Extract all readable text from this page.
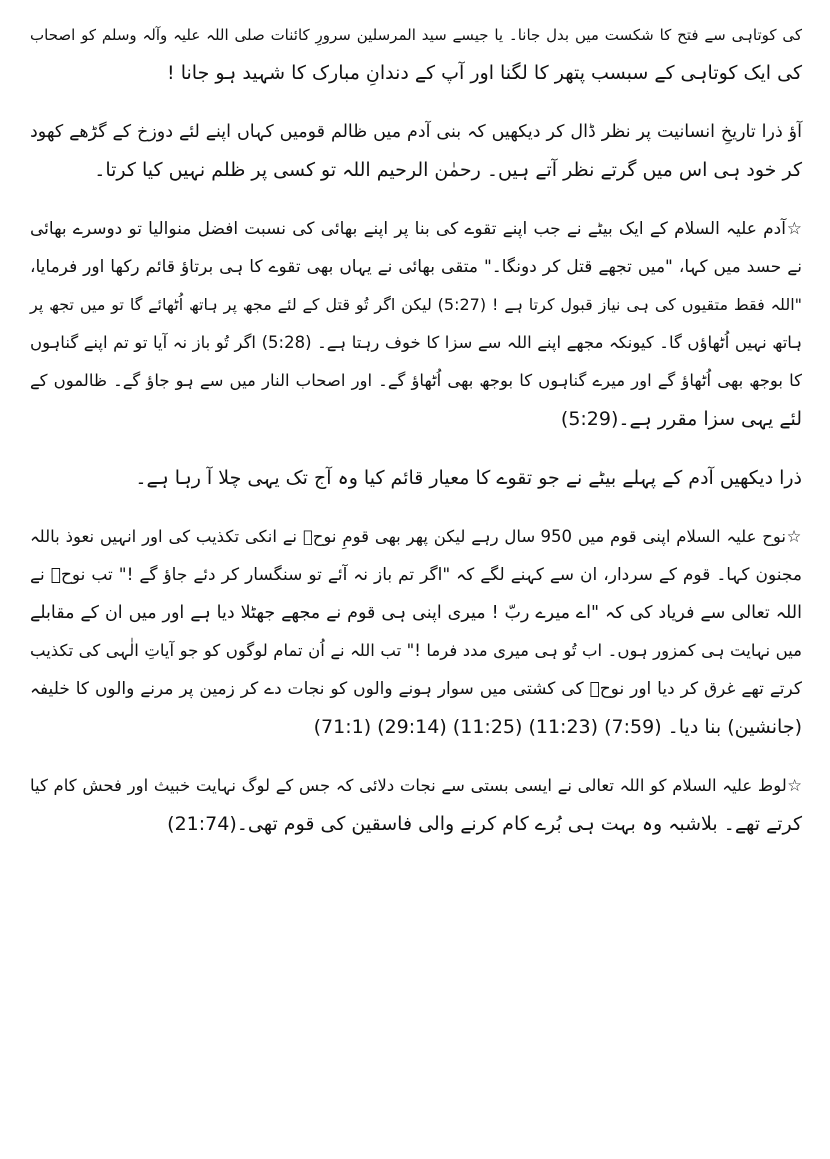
کی کوتاہی سے فتح کا شکست میں بدل جانا۔ یا جیسے سید المرسلین سرورِ کائنات صلی اللہ علیہ وآلہ وسلم کو اصحاب
کی ایک کوتاہی کے سبسب پتھر کا لگنا اور آپ کے دندانِ مبارک کا شہید ہو جانا !
آؤ ذرا تاریخِ انسانیت پر نظر ڈال کر دیکھیں کہ بنی آدم میں ظالم قومیں کہاں اپنے لئے دوزخ کے گڑھے کھود
کر خود ہی اس میں گرتے نظر آتے ہیں۔ رحمٰن الرحیم اللہ تو کسی پر ظلم نہیں کیا کرتا۔
☆آدم علیہ السلام کے ایک بیٹے نے جب اپنے تقوے کی بنا پر اپنے بھائی کی نسبت افضل منوالیا تو دوسرے بھائی
نے حسد میں کہا، "میں تجھے قتل کر دونگا۔" متقی بھائی نے یہاں بھی تقوے کا ہی برتاؤ قائم رکھا اور فرمایا،
"اللہ فقط متقیوں کی ہی نیاز قبول کرتا ہے ! (5:27) لیکن اگر تُو قتل کے لئے مجھ پر ہاتھ اُٹھائے گا تو میں تجھ پر
ہاتھ نہیں اُٹھاؤں گا۔ کیونکہ مجھے اپنے اللہ سے سزا کا خوف رہتا ہے۔ (5:28) اگر تُو باز نہ آیا تو تم اپنے گناہوں
کا بوجھ بھی اُٹھاؤ گے اور میرے گناہوں کا بوجھ بھی اُٹھاؤ گے۔ اور اصحاب النار میں سے ہو جاؤ گے۔ ظالموں کے
لئے یہی سزا مقرر ہے۔(5:29)
ذرا دیکھیں آدم کے پہلے بیٹے نے جو تقوے کا معیار قائم کیا وہ آج تک یہی چلا آ رہا ہے۔
☆نوح علیہ السلام اپنی قوم میں 950 سال رہے لیکن پھر بھی قومِ نوحؑ نے انکی تکذیب کی اور انہیں نعوذ باللہ
مجنون کہا۔ قوم کے سردار، ان سے کہنے لگے کہ "اگر تم باز نہ آئے تو سنگسار کر دئے جاؤ گے !" تب نوحؑ نے
اللہ تعالی سے فریاد کی کہ "اے میرے ربّ ! میری اپنی ہی قوم نے مجھے جھٹلا دیا ہے اور میں ان کے مقابلے
میں نہایت ہی کمزور ہوں۔ اب تُو ہی میری مدد فرما !" تب اللہ نے اُن تمام لوگوں کو جو آیاتِ الٰہی کی تکذیب
کرتے تھے غرق کر دیا اور نوحؑ کی کشتی میں سوار ہونے والوں کو نجات دے کر زمین پر مرنے والوں کا خلیفہ
(جانشین) بنا دیا۔ (7:59) (11:23) (11:25) (29:14) (71:1)
☆لوط علیہ السلام کو اللہ تعالی نے ایسی بستی سے نجات دلائی کہ جس کے لوگ نہایت خبیث اور فحش کام کیا
کرتے تھے۔ بلاشبہ وہ بہت ہی بُرے کام کرنے والی فاسقین کی قوم تھی۔(21:74)
